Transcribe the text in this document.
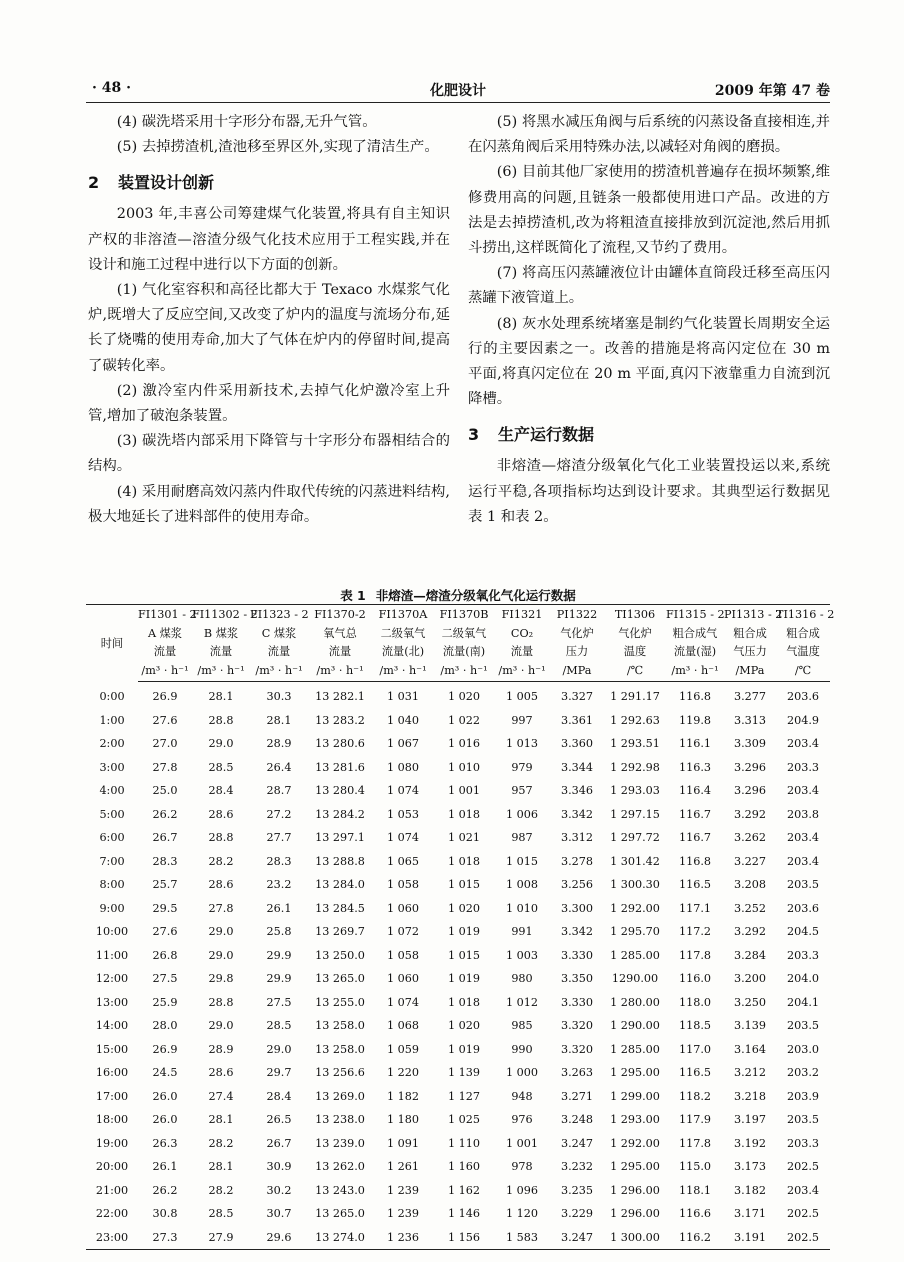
· 48 ·	化肥设计	2009 年第 47 卷

(4) 碳洗塔采用十字形分布器,无升气管。

(5) 去掉捞渣机,渣池移至界区外,实现了清洁生产。

2 装置设计创新

2003 年,丰喜公司筹建煤气化装置,将具有自主知识产权的非溶渣—溶渣分级气化技术应用于工程实践,并在设计和施工过程中进行以下方面的创新。

(1) 气化室容积和高径比都大于 Texaco 水煤浆气化炉,既增大了反应空间,又改变了炉内的温度与流场分布,延长了烧嘴的使用寿命,加大了气体在炉内的停留时间,提高了碳转化率。

(2) 激冷室内件采用新技术,去掉气化炉激冷室上升管,增加了破泡条装置。

(3) 碳洗塔内部采用下降管与十字形分布器相结合的结构。

(4) 采用耐磨高效闪蒸内件取代传统的闪蒸进料结构,极大地延长了进料部件的使用寿命。

(5) 将黑水减压角阀与后系统的闪蒸设备直接相连,并在闪蒸角阀后采用特殊办法,以减轻对角阀的磨损。

(6) 目前其他厂家使用的捞渣机普遍存在损坏频繁,维修费用高的问题,且链条一般都使用进口产品。改进的方法是去掉捞渣机,改为将粗渣直接排放到沉淀池,然后用抓斗捞出,这样既简化了流程,又节约了费用。

(7) 将高压闪蒸罐液位计由罐体直筒段迁移至高压闪蒸罐下液管道上。

(8) 灰水处理系统堵塞是制约气化装置长周期安全运行的主要因素之一。改善的措施是将高闪定位在 30 m 平面,将真闪定位在 20 m 平面,真闪下液靠重力自流到沉降槽。

3 生产运行数据

非熔渣—熔渣分级氧化气化工业装置投运以来,系统运行平稳,各项指标均达到设计要求。其典型运行数据见表 1 和表 2。

表 1 非熔渣—熔渣分级氧化气化运行数据
时间	FI1301 - 2	FI11302 - 2	FI1323 - 2	FI1370-2	FI1370A	FI1370B	FI1321	PI1322	TI1306	FI1315 - 2	PI1313 - 2	TI1316 - 2
	A 煤浆	B 煤浆	C 煤浆	氧气总	二级氧气	二级氧气	CO₂	气化炉	气化炉	粗合成气	粗合成	粗合成
	流量	流量	流量	流量	流量(北)	流量(南)	流量	压力	温度	流量(湿)	气压力	气温度
	/m³ · h⁻¹	/m³ · h⁻¹	/m³ · h⁻¹	/m³ · h⁻¹	/m³ · h⁻¹	/m³ · h⁻¹	/m³ · h⁻¹	/MPa	/℃	/m³ · h⁻¹	/MPa	/℃
0:00	26.9	28.1	30.3	13 282.1	1 031	1 020	1 005	3.327	1 291.17	116.8	3.277	203.6
1:00	27.6	28.8	28.1	13 283.2	1 040	1 022	997	3.361	1 292.63	119.8	3.313	204.9
2:00	27.0	29.0	28.9	13 280.6	1 067	1 016	1 013	3.360	1 293.51	116.1	3.309	203.4
3:00	27.8	28.5	26.4	13 281.6	1 080	1 010	979	3.344	1 292.98	116.3	3.296	203.3
4:00	25.0	28.4	28.7	13 280.4	1 074	1 001	957	3.346	1 293.03	116.4	3.296	203.4
5:00	26.2	28.6	27.2	13 284.2	1 053	1 018	1 006	3.342	1 297.15	116.7	3.292	203.8
6:00	26.7	28.8	27.7	13 297.1	1 074	1 021	987	3.312	1 297.72	116.7	3.262	203.4
7:00	28.3	28.2	28.3	13 288.8	1 065	1 018	1 015	3.278	1 301.42	116.8	3.227	203.4
8:00	25.7	28.6	23.2	13 284.0	1 058	1 015	1 008	3.256	1 300.30	116.5	3.208	203.5
9:00	29.5	27.8	26.1	13 284.5	1 060	1 020	1 010	3.300	1 292.00	117.1	3.252	203.6
10:00	27.6	29.0	25.8	13 269.7	1 072	1 019	991	3.342	1 295.70	117.2	3.292	204.5
11:00	26.8	29.0	29.9	13 250.0	1 058	1 015	1 003	3.330	1 285.00	117.8	3.284	203.3
12:00	27.5	29.8	29.9	13 265.0	1 060	1 019	980	3.350	1290.00	116.0	3.200	204.0
13:00	25.9	28.8	27.5	13 255.0	1 074	1 018	1 012	3.330	1 280.00	118.0	3.250	204.1
14:00	28.0	29.0	28.5	13 258.0	1 068	1 020	985	3.320	1 290.00	118.5	3.139	203.5
15:00	26.9	28.9	29.0	13 258.0	1 059	1 019	990	3.320	1 285.00	117.0	3.164	203.0
16:00	24.5	28.6	29.7	13 256.6	1 220	1 139	1 000	3.263	1 295.00	116.5	3.212	203.2
17:00	26.0	27.4	28.4	13 269.0	1 182	1 127	948	3.271	1 299.00	118.2	3.218	203.9
18:00	26.0	28.1	26.5	13 238.0	1 180	1 025	976	3.248	1 293.00	117.9	3.197	203.5
19:00	26.3	28.2	26.7	13 239.0	1 091	1 110	1 001	3.247	1 292.00	117.8	3.192	203.3
20:00	26.1	28.1	30.9	13 262.0	1 261	1 160	978	3.232	1 295.00	115.0	3.173	202.5
21:00	26.2	28.2	30.2	13 243.0	1 239	1 162	1 096	3.235	1 296.00	118.1	3.182	203.4
22:00	30.8	28.5	30.7	13 265.0	1 239	1 146	1 120	3.229	1 296.00	116.6	3.171	202.5
23:00	27.3	27.9	29.6	13 274.0	1 236	1 156	1 583	3.247	1 300.00	116.2	3.191	202.5
